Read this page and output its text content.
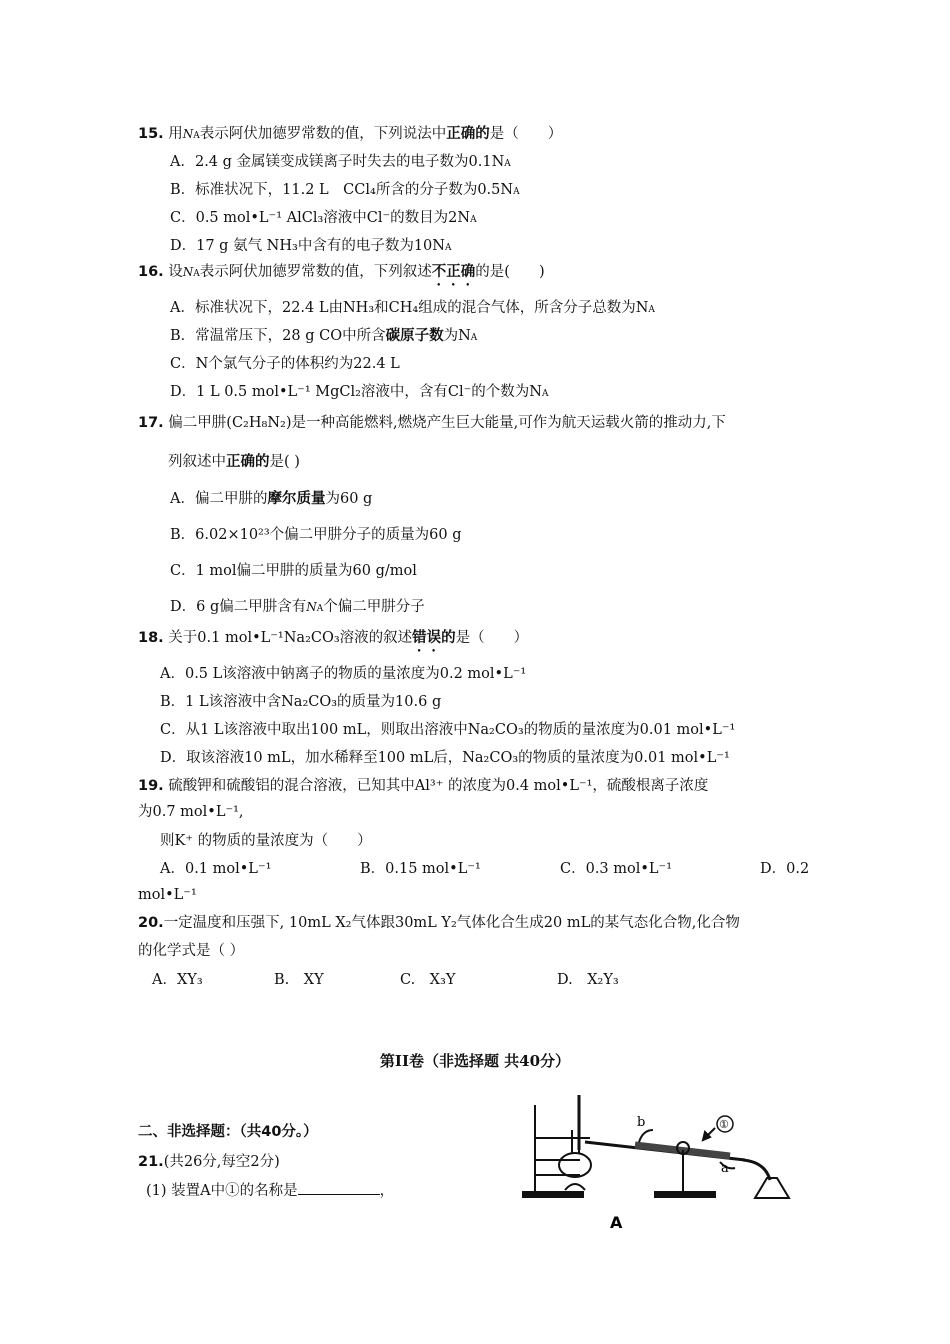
15. 用NA表示阿伏加德罗常数的值，下列说法中正确的是（　　）
A．2.4 g 金属镁变成镁离子时失去的电子数为0.1NA
B．标准状况下，11.2 L　CCl₄所含的分子数为0.5NA
C．0.5 mol•L⁻¹ AlCl₃溶液中Cl⁻的数目为2NA
D．17 g 氨气 NH₃中含有的电子数为10NA
16. 设NA表示阿伏加德罗常数的值，下列叙述不正确的是(　　)
A．标准状况下，22.4 L由NH₃和CH₄组成的混合气体，所含分子总数为NA
B．常温常压下，28 g CO中所含碳原子数为NA
C．N个氯气分子的体积约为22.4 L
D．1 L 0.5 mol•L⁻¹ MgCl₂溶液中，含有Cl⁻的个数为NA
17. 偏二甲肼(C₂H₈N₂)是一种高能燃料,燃烧产生巨大能量,可作为航天运载火箭的推动力,下
列叙述中正确的是( )
A．偏二甲肼的摩尔质量为60 g
B．6.02×10²³个偏二甲肼分子的质量为60 g
C．1 mol偏二甲肼的质量为60 g/mol
D．6 g偏二甲肼含有NA个偏二甲肼分子
18. 关于0.1 mol•L⁻¹Na₂CO₃溶液的叙述错误的是（　　）
A．0.5 L该溶液中钠离子的物质的量浓度为0.2 mol•L⁻¹
B．1 L该溶液中含Na₂CO₃的质量为10.6 g
C．从1 L该溶液中取出100 mL，则取出溶液中Na₂CO₃的物质的量浓度为0.01 mol•L⁻¹
D．取该溶液10 mL，加水稀释至100 mL后，Na₂CO₃的物质的量浓度为0.01 mol•L⁻¹
19. 硫酸钾和硫酸铝的混合溶液，已知其中Al³⁺ 的浓度为0.4 mol•L⁻¹，硫酸根离子浓度
为0.7 mol•L⁻¹,
则K⁺ 的物质的量浓度为（　　）
A．0.1 mol•L⁻¹	B．0.15 mol•L⁻¹	C．0.3 mol•L⁻¹	D．0.2
mol•L⁻¹
20.一定温度和压强下, 10mL X₂气体跟30mL Y₂气体化合生成20 mL的某气态化合物,化合物
的化学式是（ ）
A．XY₃	B.　XY	C.　X₃Y	D.　X₂Y₃
第II卷（非选择题 共40分）
二、非选择题：（共40分。）
21.(共26分,每空2分)
(1) 装置A中①的名称是	，
b
a
①
A
